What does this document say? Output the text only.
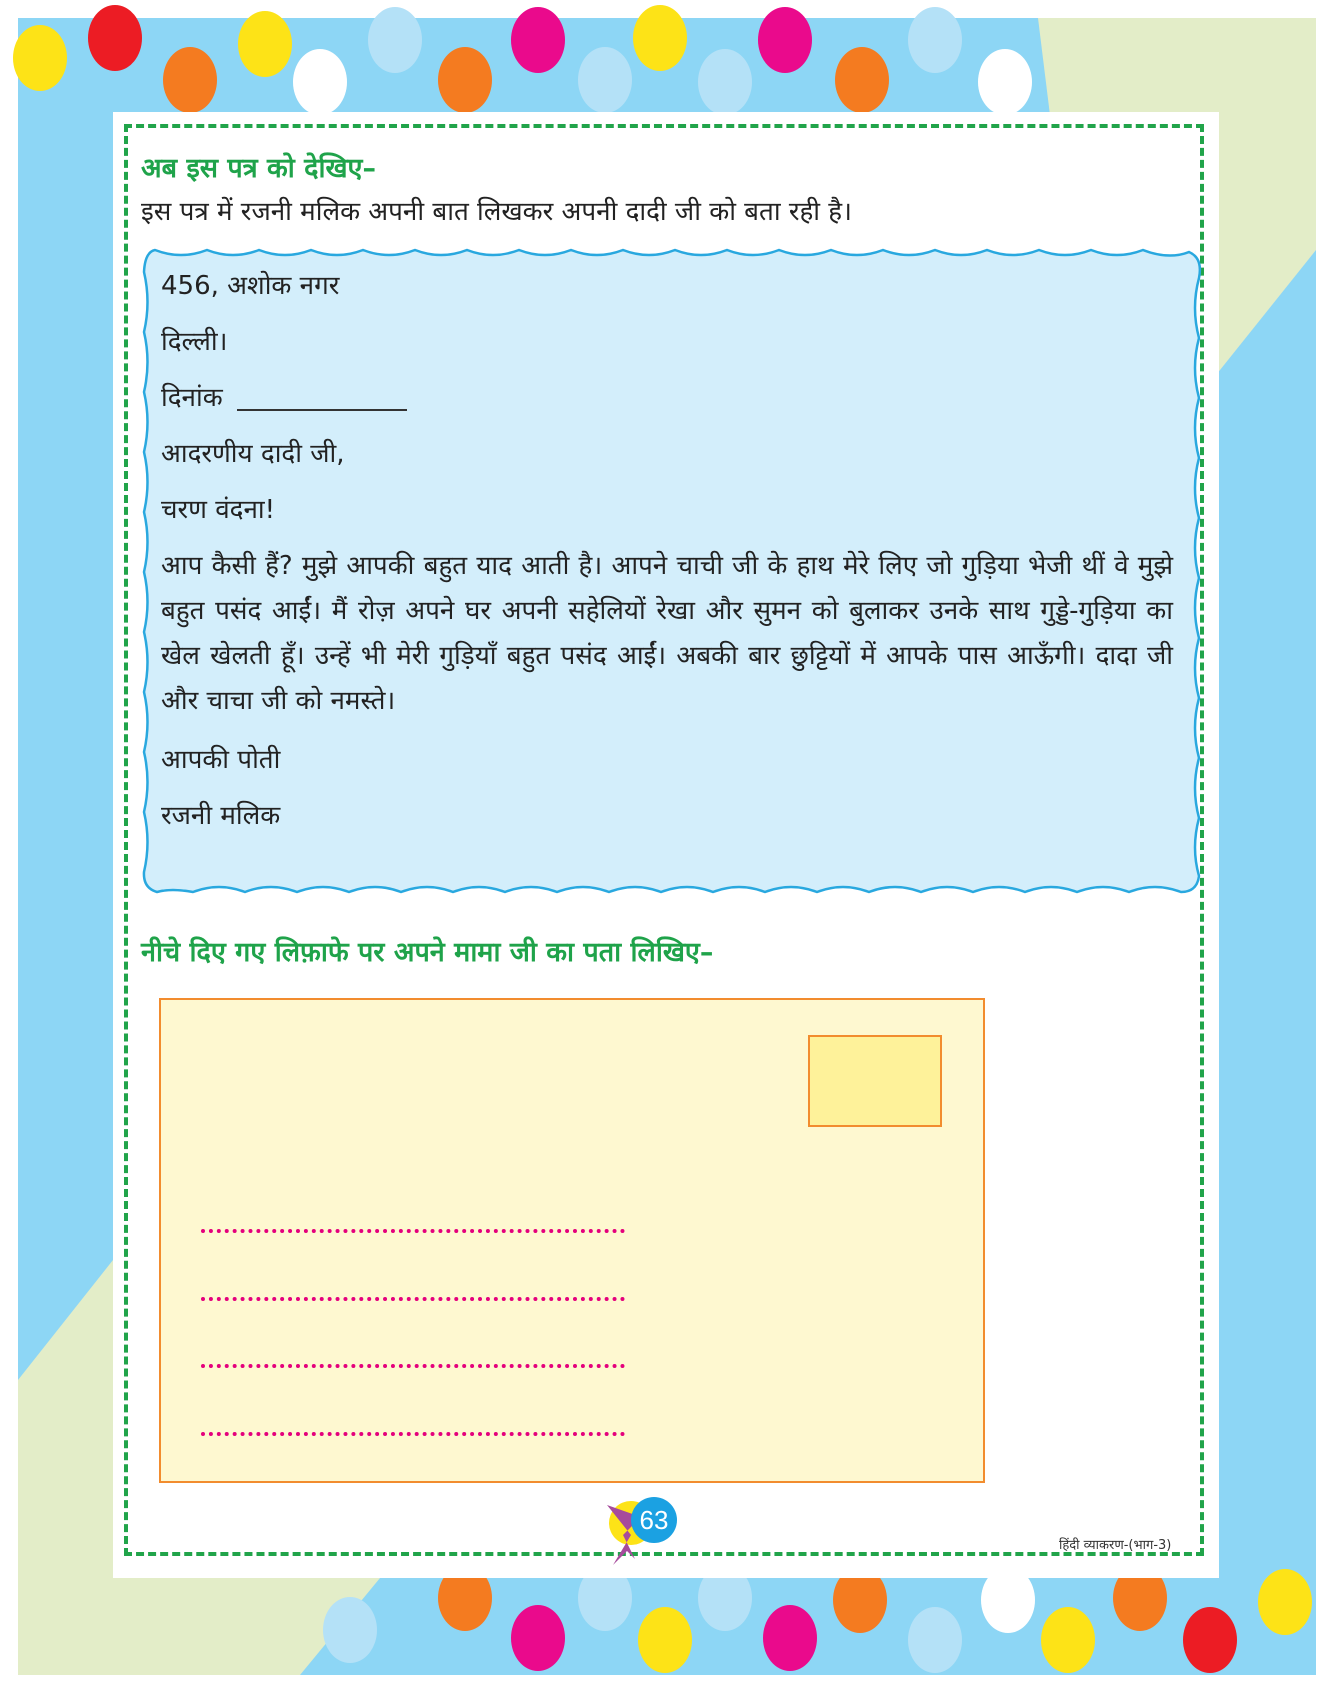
अब इस पत्र को देखिए–
इस पत्र में रजनी मलिक अपनी बात लिखकर अपनी दादी जी को बता रही है।
456, अशोक नगर
दिल्ली।
दिनांक
आदरणीय दादी जी,
चरण वंदना!
आप कैसी हैं? मुझे आपकी बहुत याद आती है। आपने चाची जी के हाथ मेरे लिए जो गुड़िया भेजी थीं वे मुझे बहुत पसंद आईं। मैं रोज़ अपने घर अपनी सहेलियों रेखा और सुमन को बुलाकर उनके साथ गुड्डे-गुड़िया का खेल खेलती हूँ। उन्हें भी मेरी गुड़ियाँ बहुत पसंद आईं। अबकी बार छुट्टियों में आपके पास आऊँगी। दादा जी और चाचा जी को नमस्ते।
आपकी पोती
रजनी मलिक
नीचे दिए गए लिफ़ाफे पर अपने मामा जी का पता लिखिए–
63
हिंदी व्याकरण-(भाग-3)
